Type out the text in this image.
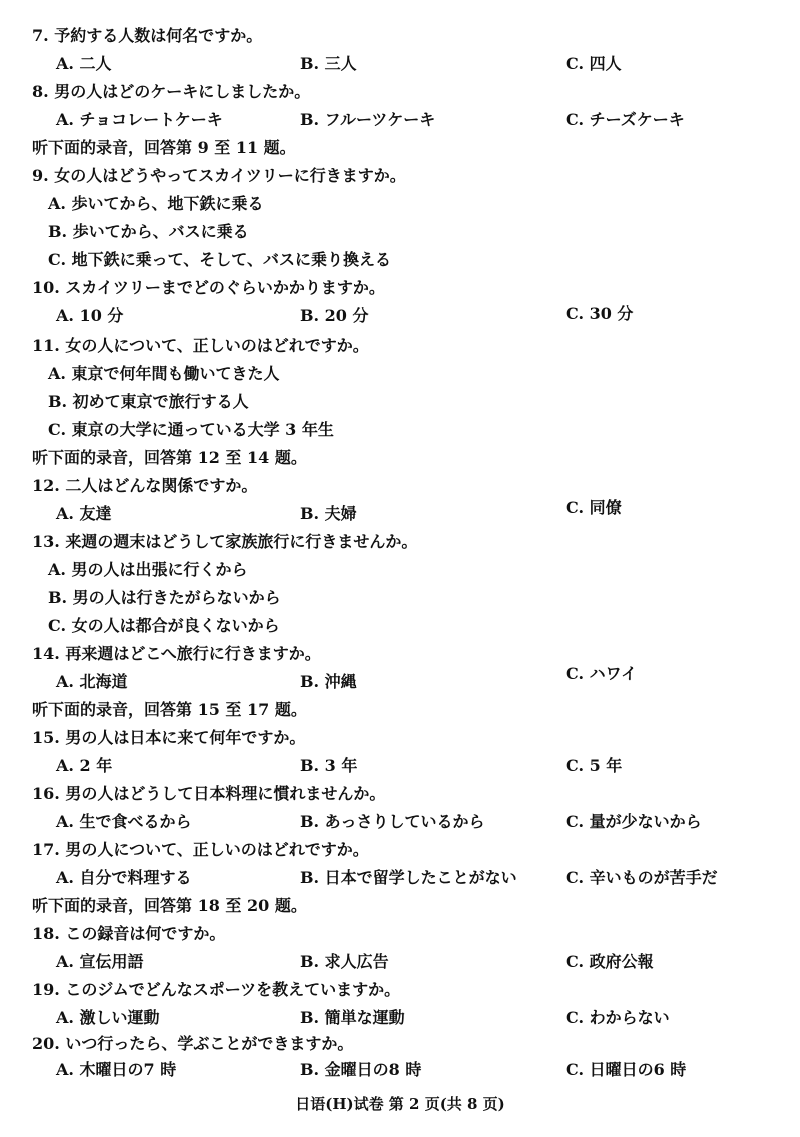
7. 予約する人数は何名ですか。
A. 二人	B. 三人	C. 四人
8. 男の人はどのケーキにしましたか。
A. チョコレートケーキ	B. フルーツケーキ	C. チーズケーキ
听下面的录音，回答第 9 至 11 题。
9. 女の人はどうやってスカイツリーに行きますか。
A. 歩いてから、地下鉄に乗る
B. 歩いてから、バスに乗る
C. 地下鉄に乗って、そして、バスに乗り換える
10. スカイツリーまでどのぐらいかかりますか。
A. 10 分	B. 20 分	C. 30 分
11. 女の人について、正しいのはどれですか。
A. 東京で何年間も働いてきた人
B. 初めて東京で旅行する人
C. 東京の大学に通っている大学 3 年生
听下面的录音，回答第 12 至 14 题。
12. 二人はどんな関係ですか。
A. 友達	B. 夫婦	C. 同僚
13. 来週の週末はどうして家族旅行に行きませんか。
A. 男の人は出張に行くから
B. 男の人は行きたがらないから
C. 女の人は都合が良くないから
14. 再来週はどこへ旅行に行きますか。
A. 北海道	B. 沖縄	C. ハワイ
听下面的录音，回答第 15 至 17 题。
15. 男の人は日本に来て何年ですか。
A. 2 年	B. 3 年	C. 5 年
16. 男の人はどうして日本料理に慣れませんか。
A. 生で食べるから	B. あっさりしているから	C. 量が少ないから
17. 男の人について、正しいのはどれですか。
A. 自分で料理する	B. 日本で留学したことがない	C. 辛いものが苦手だ
听下面的录音，回答第 18 至 20 题。
18. この録音は何ですか。
A. 宣伝用語	B. 求人広告	C. 政府公報
19. このジムでどんなスポーツを教えていますか。
A. 激しい運動	B. 簡単な運動	C. わからない
20. いつ行ったら、学ぶことができますか。
A. 木曜日の7 時	B. 金曜日の8 時	C. 日曜日の6 時
日语(H)试卷 第 2 页(共 8 页)
